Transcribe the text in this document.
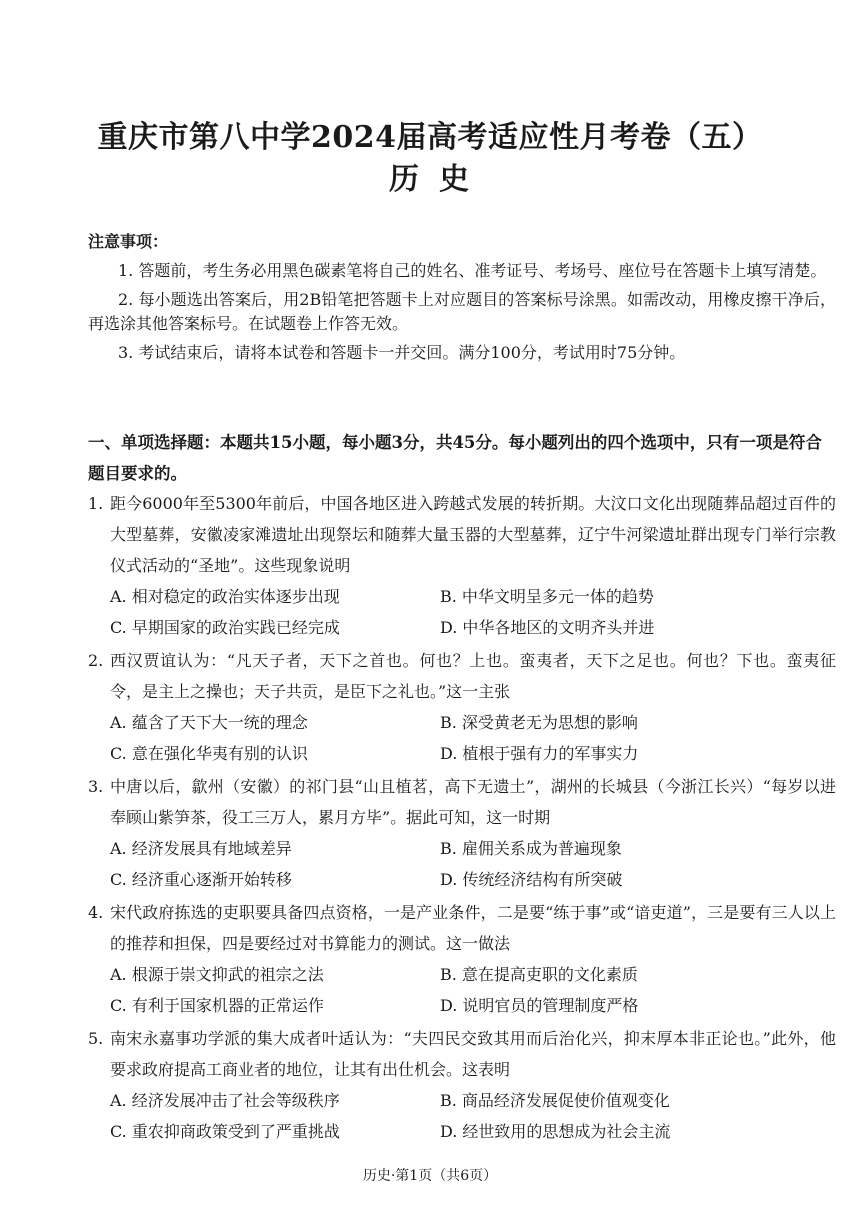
重庆市第八中学2024届高考适应性月考卷（五）
历史
注意事项：
1. 答题前，考生务必用黑色碳素笔将自己的姓名、准考证号、考场号、座位号在答题卡上填写清楚。
2. 每小题选出答案后，用2B铅笔把答题卡上对应题目的答案标号涂黑。如需改动，用橡皮擦干净后，再选涂其他答案标号。在试题卷上作答无效。
3. 考试结束后，请将本试卷和答题卡一并交回。满分100分，考试用时75分钟。
一、单项选择题：本题共15小题，每小题3分，共45分。每小题列出的四个选项中，只有一项是符合题目要求的。
1. 距今6000年至5300年前后，中国各地区进入跨越式发展的转折期。大汶口文化出现随葬品超过百件的大型墓葬，安徽凌家滩遗址出现祭坛和随葬大量玉器的大型墓葬，辽宁牛河梁遗址群出现专门举行宗教仪式活动的“圣地”。这些现象说明
A. 相对稳定的政治实体逐步出现	B. 中华文明呈多元一体的趋势
C. 早期国家的政治实践已经完成	D. 中华各地区的文明齐头并进
2. 西汉贾谊认为：“凡天子者，天下之首也。何也？上也。蛮夷者，天下之足也。何也？下也。蛮夷征令，是主上之操也；天子共贡，是臣下之礼也。”这一主张
A. 蕴含了天下大一统的理念	B. 深受黄老无为思想的影响
C. 意在强化华夷有别的认识	D. 植根于强有力的军事实力
3. 中唐以后，歙州（安徽）的祁门县“山且植茗，高下无遗土”，湖州的长城县（今浙江长兴）“每岁以进奉顾山紫笋茶，役工三万人，累月方毕”。据此可知，这一时期
A. 经济发展具有地域差异	B. 雇佣关系成为普遍现象
C. 经济重心逐渐开始转移	D. 传统经济结构有所突破
4. 宋代政府拣选的吏职要具备四点资格，一是产业条件，二是要“练于事”或“谙吏道”，三是要有三人以上的推荐和担保，四是要经过对书算能力的测试。这一做法
A. 根源于崇文抑武的祖宗之法	B. 意在提高吏职的文化素质
C. 有利于国家机器的正常运作	D. 说明官员的管理制度严格
5. 南宋永嘉事功学派的集大成者叶适认为：“夫四民交致其用而后治化兴，抑末厚本非正论也。”此外，他要求政府提高工商业者的地位，让其有出仕机会。这表明
A. 经济发展冲击了社会等级秩序	B. 商品经济发展促使价值观变化
C. 重农抑商政策受到了严重挑战	D. 经世致用的思想成为社会主流
历史·第1页（共6页）
